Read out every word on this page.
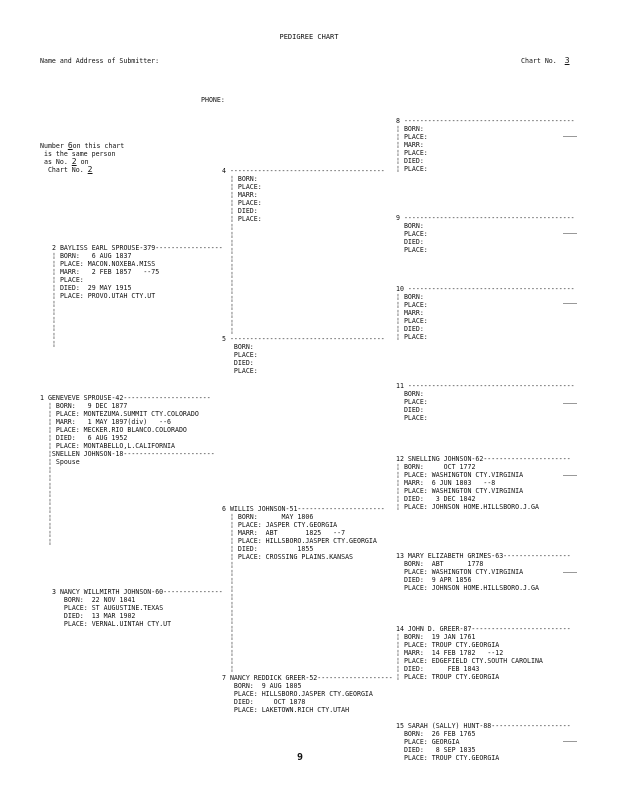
PEDIGREE CHART
Name and Address of Submitter:	Chart No. 3
PHONE:
Number 6on this chart
is the same person
as No. 2 on
Chart No. 2
2 BAYLISS EARL SPROUSE-379-----------------
¦ BORN:   6 AUG 1837
¦ PLACE: MACON.NOXEBA.MISS
¦ MARR:   2 FEB 1857   --75
¦ PLACE:
¦ DIED:  29 MAY 1915
¦ PLACE: PROVO.UTAH CTY.UT
¦
¦
¦
¦
¦
¦
1 GENEVEVE SPROUSE-42----------------------
¦ BORN:   9 DEC 1877
¦ PLACE: MONTEZUMA.SUMMIT CTY.COLORADO
¦ MARR:   1 MAY 1897(div)   --6
¦ PLACE: MECKER.RIO BLANCO.COLORADO
¦ DIED:   6 AUG 1952
¦ PLACE: MONTABELLO,L.CALIFORNIA
¦SNELLEN JOHNSON-18-----------------------
¦ Spouse
¦
¦
¦
¦
¦
¦
¦
¦
¦
¦
3 NANCY WILLMIRTH JOHNSON-60---------------
BORN:  22 NOV 1841
PLACE: ST AUGUSTINE.TEXAS
DIED:  13 MAR 1902
PLACE: VERNAL.UINTAH CTY.UT
4 ---------------------------------------
¦ BORN:
¦ PLACE:
¦ MARR:
¦ PLACE:
¦ DIED:
¦ PLACE:
¦
¦
¦
¦
¦
¦
¦
¦
¦
¦
¦
¦
¦
¦
5 ---------------------------------------
BORN:
PLACE:
DIED:
PLACE:
6 WILLIS JOHNSON-51----------------------
¦ BORN:      MAY 1806
¦ PLACE: JASPER CTY.GEORGIA
¦ MARR:  ABT       1825   --7
¦ PLACE: HILLSBORO.JASPER CTY.GEORGIA
¦ DIED:          1855
¦ PLACE: CROSSING PLAINS.KANSAS
¦
¦
¦
¦
¦
¦
¦
¦
¦
¦
¦
¦
¦
¦
7 NANCY REDDICK GREER-52-------------------
BORN:  9 AUG 1805
PLACE: HILLSBORO.JASPER CTY.GEORGIA
DIED:     OCT 1878
PLACE: LAKETOWN.RICH CTY.UTAH
8 -------------------------------------------
¦ BORN:
¦ PLACE:
¦ MARR:
¦ PLACE:
¦ DIED:
¦ PLACE:
9 -------------------------------------------
BORN:
PLACE:
DIED:
PLACE:
10 ------------------------------------------
¦ BORN:
¦ PLACE:
¦ MARR:
¦ PLACE:
¦ DIED:
¦ PLACE:
11 ------------------------------------------
BORN:
PLACE:
DIED:
PLACE:
12 SNELLING JOHNSON-62----------------------
¦ BORN:     OCT 1772
¦ PLACE: WASHINGTON CTY.VIRGINIA
¦ MARR:  6 JUN 1803   --8
¦ PLACE: WASHINGTON CTY.VIRGINIA
¦ DIED:   3 DEC 1842
¦ PLACE: JOHNSON HOME.HILLSBORO.J.GA
13 MARY ELIZABETH GRIMES-63-----------------
BORN:  ABT      1778
PLACE: WASHINGTON CTY.VIRGINIA
DIED:  9 APR 1856
PLACE: JOHNSON HOME.HILLSBORO.J.GA
14 JOHN D. GREER-87-------------------------
¦ BORN:  19 JAN 1761
¦ PLACE: TROUP CTY.GEORGIA
¦ MARR:  14 FEB 1782   --12
¦ PLACE: EDGEFIELD CTY.SOUTH CAROLINA
¦ DIED:      FEB 1843
¦ PLACE: TROUP CTY.GEORGIA
15 SARAH (SALLY) HUNT-88--------------------
BORN:  26 FEB 1765
PLACE: GEORGIA
DIED:   8 SEP 1835
PLACE: TROUP CTY.GEORGIA
9
